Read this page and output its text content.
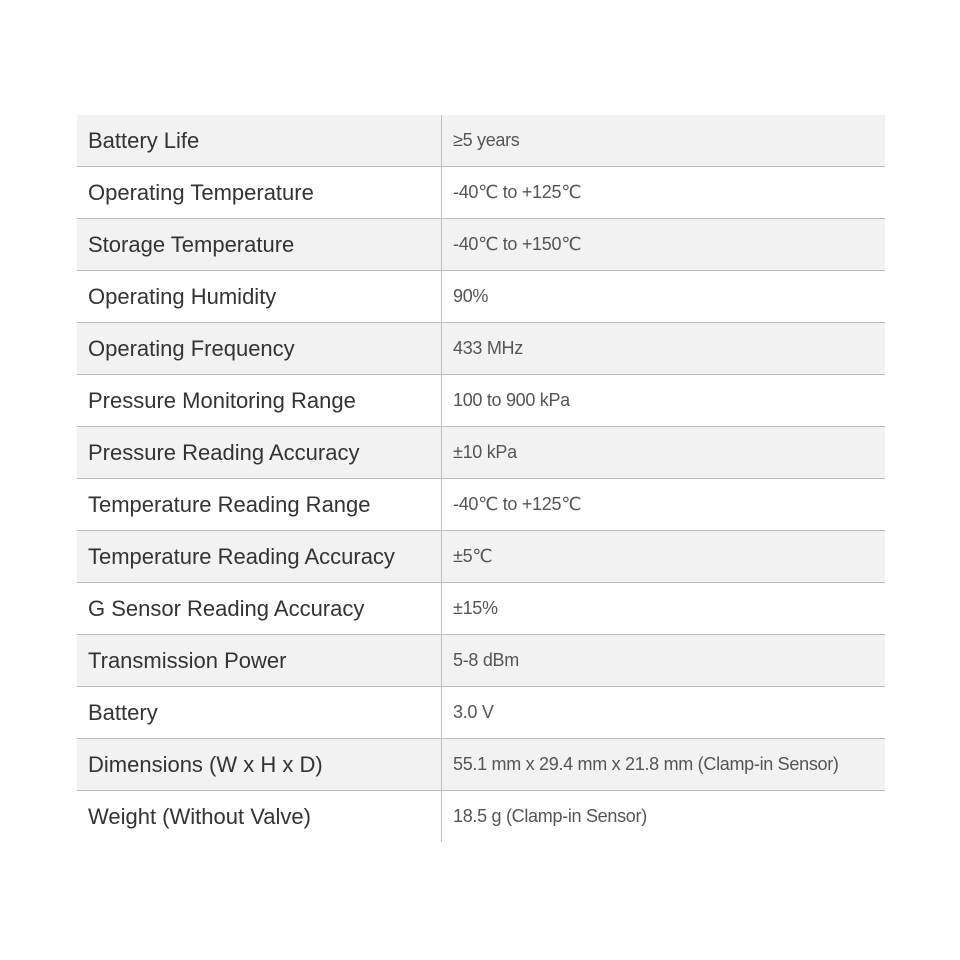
Battery Life	≥5 years

Operating Temperature	-40℃ to +125℃

Storage Temperature	-40℃ to +150℃

Operating Humidity	90%

Operating Frequency	433 MHz

Pressure Monitoring Range	100 to 900 kPa

Pressure Reading Accuracy	±10 kPa

Temperature Reading Range	-40℃ to +125℃

Temperature Reading Accuracy	±5℃

G Sensor Reading Accuracy	±15%

Transmission Power	5-8 dBm

Battery	3.0 V

Dimensions (W x H x D)	55.1 mm x 29.4 mm x 21.8 mm (Clamp-in Sensor)

Weight (Without Valve)	18.5 g (Clamp-in Sensor)
